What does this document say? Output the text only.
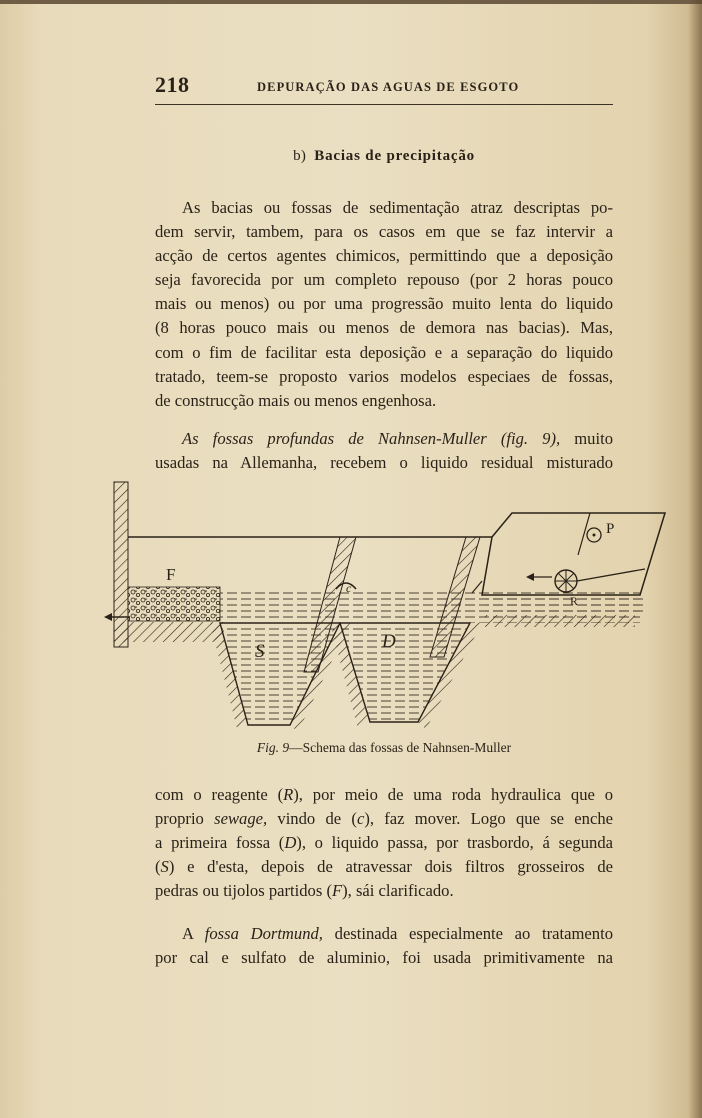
218	DEPURAÇÃO DAS AGUAS DE ESGOTO
b) Bacias de precipitação
As bacias ou fossas de sedimentação atraz descriptas po-
dem servir, tambem, para os casos em que se faz intervir a
acção de certos agentes chimicos, permittindo que a deposição
seja favorecida por um completo repouso (por 2 horas pouco
mais ou menos) ou por uma progressão muito lenta do liquido
(8 horas pouco mais ou menos de demora nas bacias). Mas,
com o fim de facilitar esta deposição e a separação do liquido
tratado, teem-se proposto varios modelos especiaes de fossas,
de construcção mais ou menos engenhosa.
As fossas profundas de Nahnsen-Muller (fig. 9), muito
usadas na Allemanha, recebem o liquido residual misturado
F
S	D
c
P
R
Fig. 9—Schema das fossas de Nahnsen-Muller
com o reagente (R), por meio de uma roda hydraulica que o
proprio sewage, vindo de (c), faz mover. Logo que se enche
a primeira fossa (D), o liquido passa, por trasbordo, á segunda
(S) e d'esta, depois de atravessar dois filtros grosseiros de
pedras ou tijolos partidos (F), sái clarificado.
A fossa Dortmund, destinada especialmente ao tratamento
por cal e sulfato de aluminio, foi usada primitivamente na
